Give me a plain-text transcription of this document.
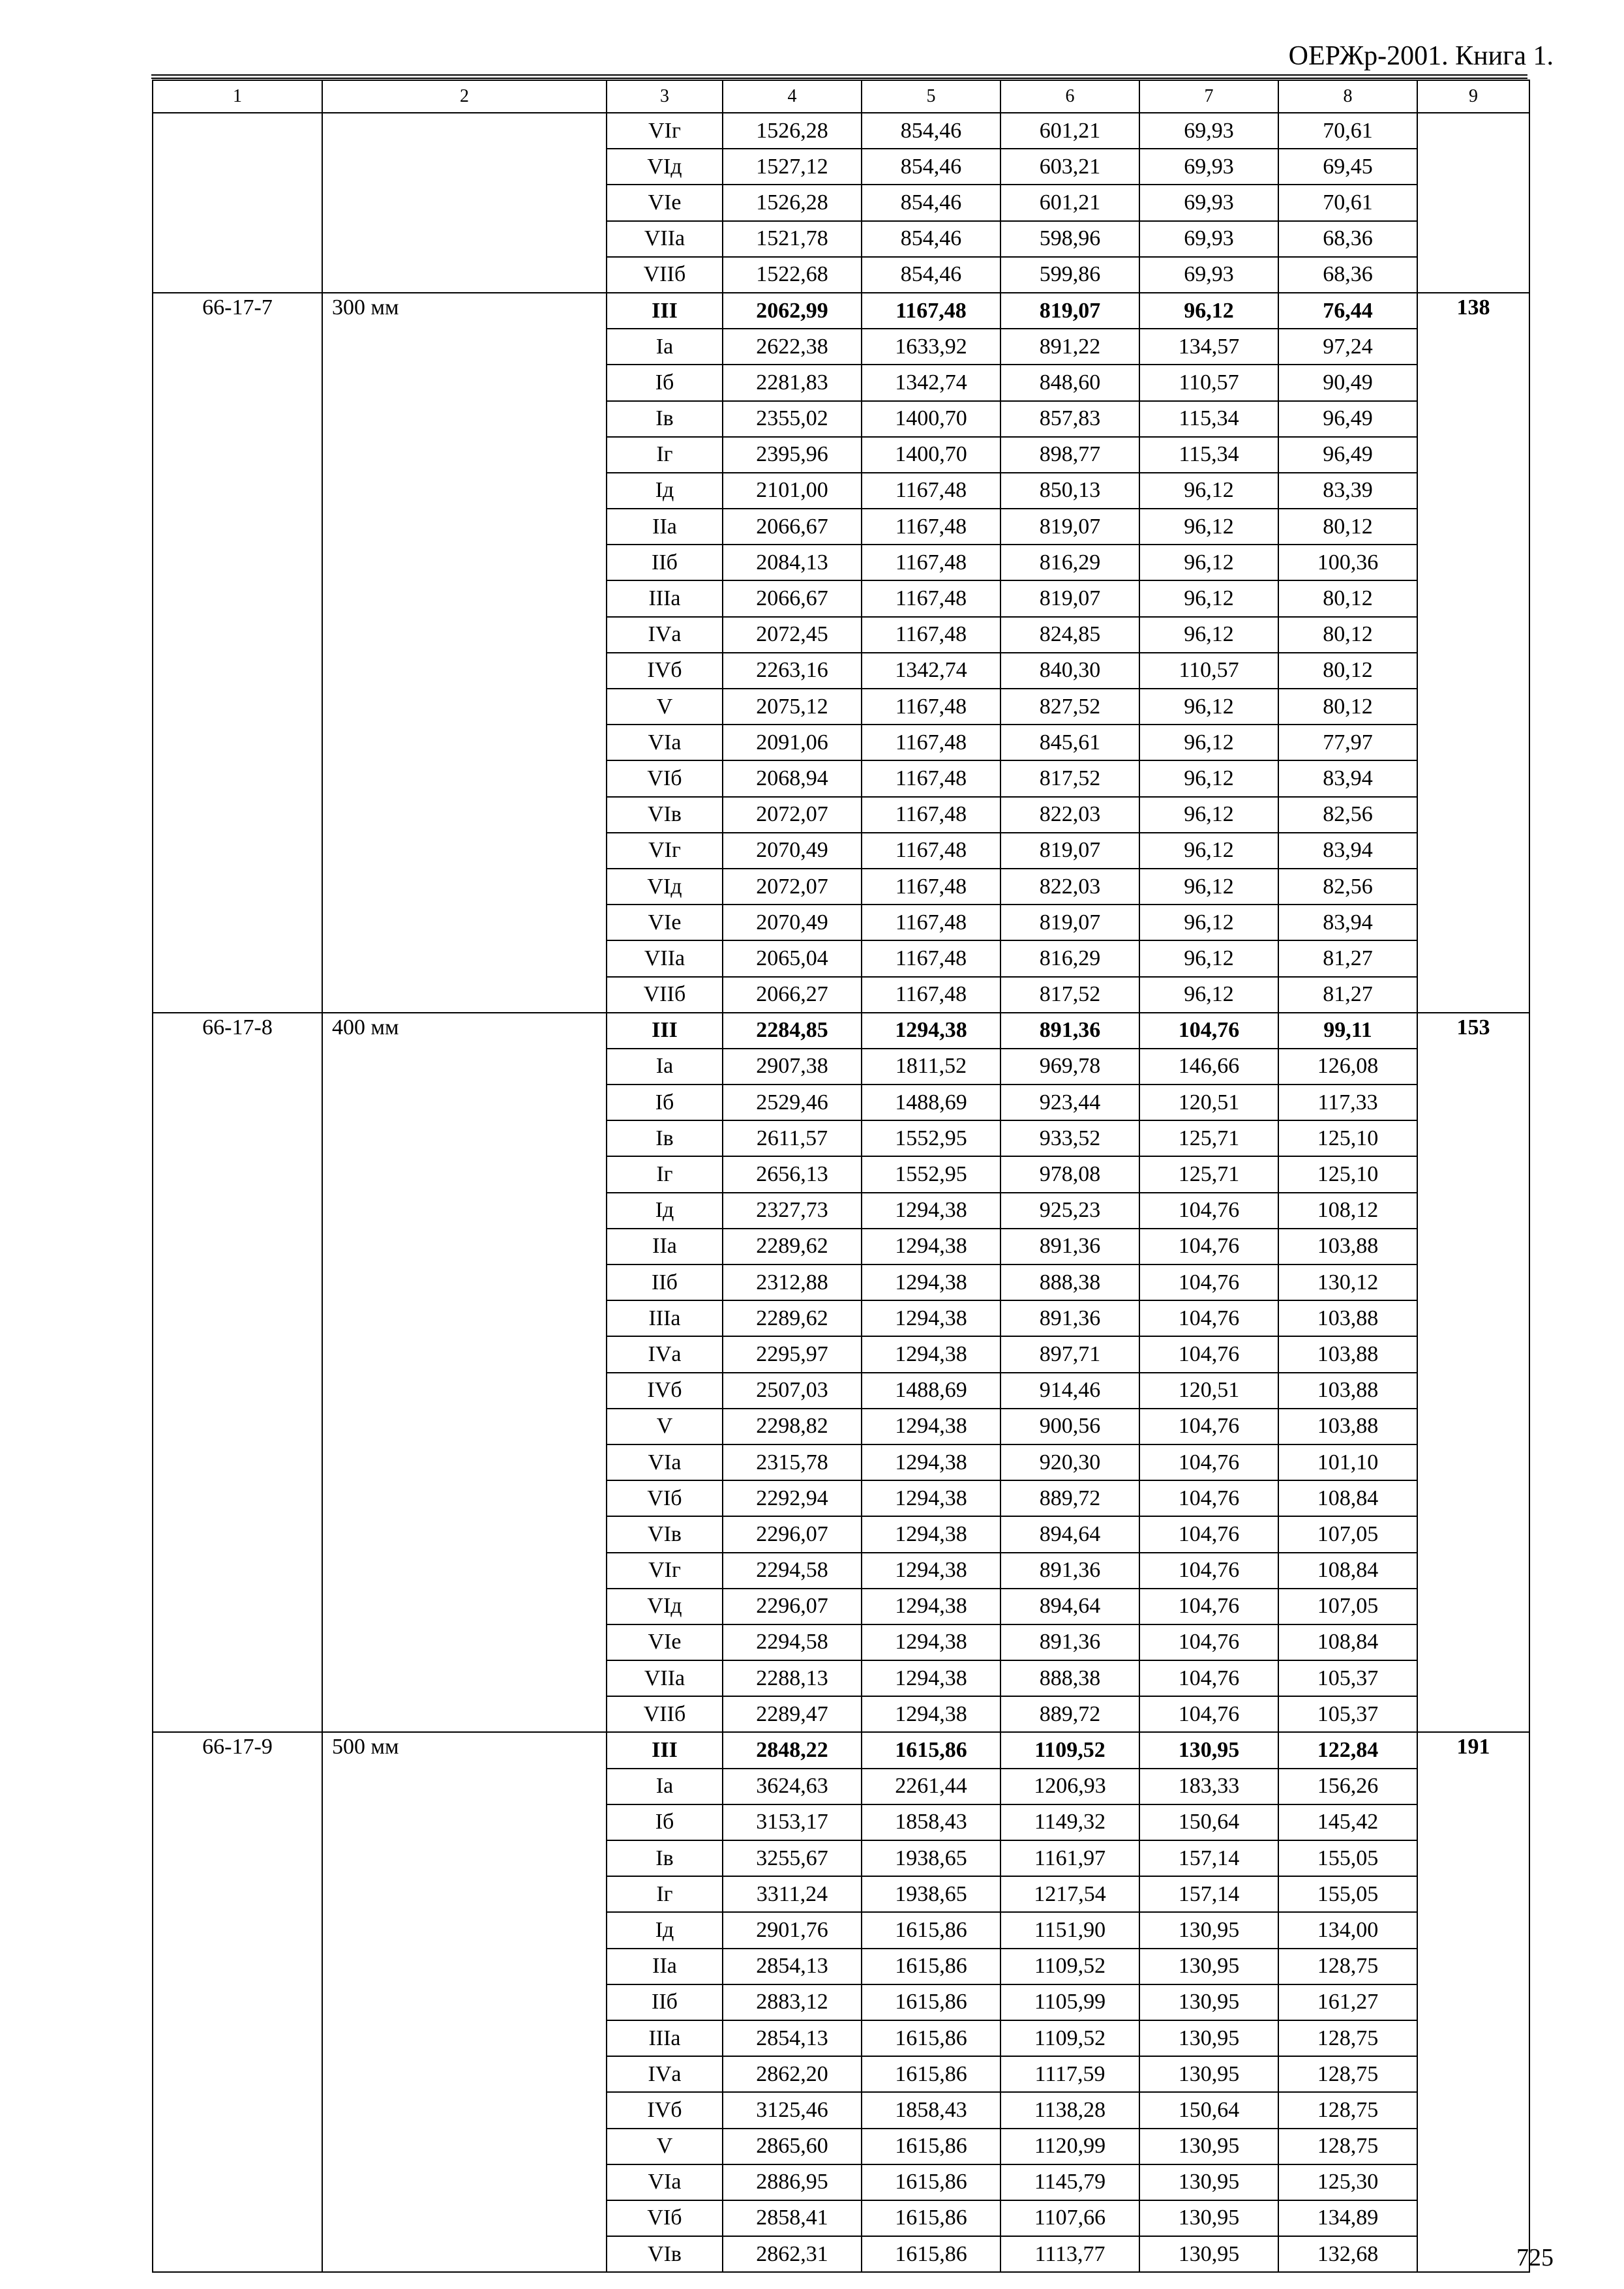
ОЕРЖр-2001. Книга 1.
1	2	3	4	5	6	7	8	9
		VIг	1526,28	854,46	601,21	69,93	70,61	
		VIд	1527,12	854,46	603,21	69,93	69,45	
		VIе	1526,28	854,46	601,21	69,93	70,61	
		VIIа	1521,78	854,46	598,96	69,93	68,36	
		VIIб	1522,68	854,46	599,86	69,93	68,36	
66-17-7	300 мм	III	2062,99	1167,48	819,07	96,12	76,44	138
		Iа	2622,38	1633,92	891,22	134,57	97,24	
		Iб	2281,83	1342,74	848,60	110,57	90,49	
		Iв	2355,02	1400,70	857,83	115,34	96,49	
		Iг	2395,96	1400,70	898,77	115,34	96,49	
		Iд	2101,00	1167,48	850,13	96,12	83,39	
		IIа	2066,67	1167,48	819,07	96,12	80,12	
		IIб	2084,13	1167,48	816,29	96,12	100,36	
		IIIа	2066,67	1167,48	819,07	96,12	80,12	
		IVа	2072,45	1167,48	824,85	96,12	80,12	
		IVб	2263,16	1342,74	840,30	110,57	80,12	
		V	2075,12	1167,48	827,52	96,12	80,12	
		VIа	2091,06	1167,48	845,61	96,12	77,97	
		VIб	2068,94	1167,48	817,52	96,12	83,94	
		VIв	2072,07	1167,48	822,03	96,12	82,56	
		VIг	2070,49	1167,48	819,07	96,12	83,94	
		VIд	2072,07	1167,48	822,03	96,12	82,56	
		VIе	2070,49	1167,48	819,07	96,12	83,94	
		VIIа	2065,04	1167,48	816,29	96,12	81,27	
		VIIб	2066,27	1167,48	817,52	96,12	81,27	
66-17-8	400 мм	III	2284,85	1294,38	891,36	104,76	99,11	153
		Iа	2907,38	1811,52	969,78	146,66	126,08	
		Iб	2529,46	1488,69	923,44	120,51	117,33	
		Iв	2611,57	1552,95	933,52	125,71	125,10	
		Iг	2656,13	1552,95	978,08	125,71	125,10	
		Iд	2327,73	1294,38	925,23	104,76	108,12	
		IIа	2289,62	1294,38	891,36	104,76	103,88	
		IIб	2312,88	1294,38	888,38	104,76	130,12	
		IIIа	2289,62	1294,38	891,36	104,76	103,88	
		IVа	2295,97	1294,38	897,71	104,76	103,88	
		IVб	2507,03	1488,69	914,46	120,51	103,88	
		V	2298,82	1294,38	900,56	104,76	103,88	
		VIа	2315,78	1294,38	920,30	104,76	101,10	
		VIб	2292,94	1294,38	889,72	104,76	108,84	
		VIв	2296,07	1294,38	894,64	104,76	107,05	
		VIг	2294,58	1294,38	891,36	104,76	108,84	
		VIд	2296,07	1294,38	894,64	104,76	107,05	
		VIе	2294,58	1294,38	891,36	104,76	108,84	
		VIIа	2288,13	1294,38	888,38	104,76	105,37	
		VIIб	2289,47	1294,38	889,72	104,76	105,37	
66-17-9	500 мм	III	2848,22	1615,86	1109,52	130,95	122,84	191
		Iа	3624,63	2261,44	1206,93	183,33	156,26	
		Iб	3153,17	1858,43	1149,32	150,64	145,42	
		Iв	3255,67	1938,65	1161,97	157,14	155,05	
		Iг	3311,24	1938,65	1217,54	157,14	155,05	
		Iд	2901,76	1615,86	1151,90	130,95	134,00	
		IIа	2854,13	1615,86	1109,52	130,95	128,75	
		IIб	2883,12	1615,86	1105,99	130,95	161,27	
		IIIа	2854,13	1615,86	1109,52	130,95	128,75	
		IVа	2862,20	1615,86	1117,59	130,95	128,75	
		IVб	3125,46	1858,43	1138,28	150,64	128,75	
		V	2865,60	1615,86	1120,99	130,95	128,75	
		VIа	2886,95	1615,86	1145,79	130,95	125,30	
		VIб	2858,41	1615,86	1107,66	130,95	134,89	
		VIв	2862,31	1615,86	1113,77	130,95	132,68		725
